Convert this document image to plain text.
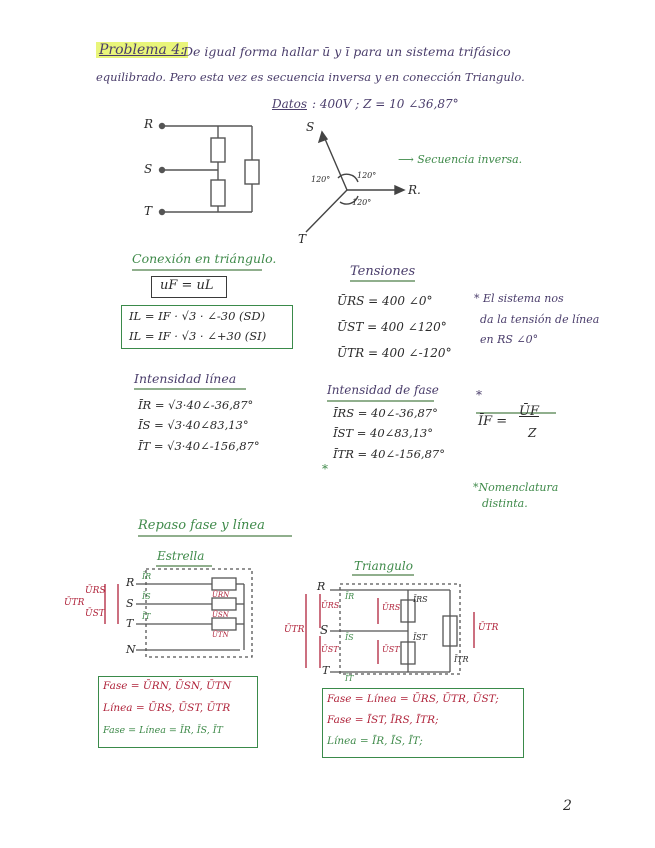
Problema 4:
De igual forma hallar ū y ī para un sistema trifásico
equilibrado. Pero esta vez es secuencia inversa y en conección Triangulo.
Datos : 400V ; Z = 10 ∠36,87°
R
S
T
S
R.
T
120°	120°
120°
⟶ Secuencia inversa.
Conexión en triángulo.
uF = uL
IL = IF · √3 · ∠-30 (SD)
IL = IF · √3 · ∠+30 (SI)
Tensiones
ŪRS = 400 ∠0°
ŪST = 400 ∠120°
ŪTR = 400 ∠-120°
* El sistema nos
da la tensión de línea
en RS ∠0°
Intensidad línea
ĪR = √3·40∠-36,87°
ĪS = √3·40∠83,13°
ĪT = √3·40∠-156,87°
Intensidad de fase
ĪRS = 40∠-36,87°
ĪST = 40∠83,13°
ĪTR = 40∠-156,87°
*
*
ĪF =
ŪF
Z
*Nomenclatura
distinta.
Repaso fase y línea
Estrella
Triangulo
ŪTR
ŪRS
ŪST
R
S
T
N
ĪR
ĪS
ĪT
ŪRN
ŪSN
ŪTN
R
S
T
ŪTR
ŪRS
ŪST
ĪR
ĪS
ĪT
ŪRS
ŪST
ĪRS
ĪST
ĪTR
ŪTR
Fase = ŪRN, ŪSN, ŪTN
Línea = ŪRS, ŪST, ŪTR
Fase = Línea = ĪR, ĪS, ĪT
Fase = Línea = ŪRS, ŪTR, ŪST;
Fase = ĪST, ĪRS, ĪTR;
Línea = ĪR, ĪS, ĪT;
2
